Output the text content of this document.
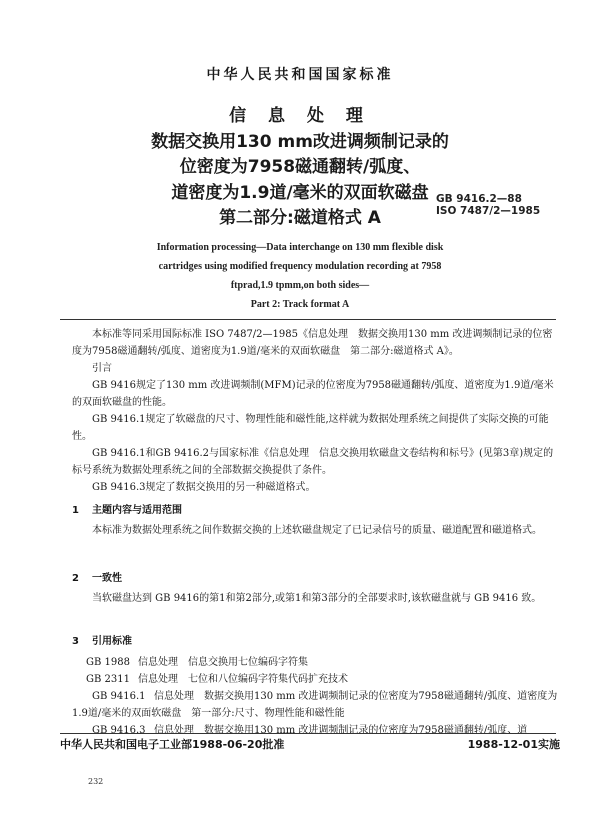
中华人民共和国国家标准
信 息 处 理
数据交换用130 mm改进调频制记录的
位密度为7958磁通翻转/弧度、
道密度为1.9道/毫米的双面软磁盘
第二部分:磁道格式 A
GB 9416.2—88
ISO 7487/2—1985
Information processing—Data interchange on 130 mm flexible disk
cartridges using modified frequency modulation recording at 7958
ftprad,1.9 tpmm,on both sides—
Part 2: Track format A
本标准等同采用国际标准 ISO 7487/2—1985《信息处理　数据交换用130 mm 改进调频制记录的位密度为7958磁通翻转/弧度、道密度为1.9道/毫米的双面软磁盘　第二部分:磁道格式 A》。
引言
GB 9416规定了130 mm 改进调频制(MFM)记录的位密度为7958磁通翻转/弧度、道密度为1.9道/毫米的双面软磁盘的性能。
GB 9416.1规定了软磁盘的尺寸、物理性能和磁性能,这样就为数据处理系统之间提供了实际交换的可能性。
GB 9416.1和GB 9416.2与国家标准《信息处理　信息交换用软磁盘文卷结构和标号》(见第3章)规定的标号系统为数据处理系统之间的全部数据交换提供了条件。
GB 9416.3规定了数据交换用的另一种磁道格式。
1 主题内容与适用范围
本标准为数据处理系统之间作数据交换的上述软磁盘规定了已记录信号的质量、磁道配置和磁道格式。
2 一致性
当软磁盘达到 GB 9416的第1和第2部分,或第1和第3部分的全部要求时,该软磁盘就与 GB 9416 致。
3 引用标准
GB 1988 信息处理　信息交换用七位编码字符集
GB 2311 信息处理　七位和八位编码字符集代码扩充技术
GB 9416.1 信息处理　数据交换用130 mm 改进调频制记录的位密度为7958磁通翻转/弧度、道密度为1.9道/毫米的双面软磁盘　第一部分:尺寸、物理性能和磁性能
GB 9416.3 信息处理　数据交换用130 mm 改进调频制记录的位密度为7958磁通翻转/弧度、道
中华人民共和国电子工业部1988-06-20批准	1988-12-01实施
232
